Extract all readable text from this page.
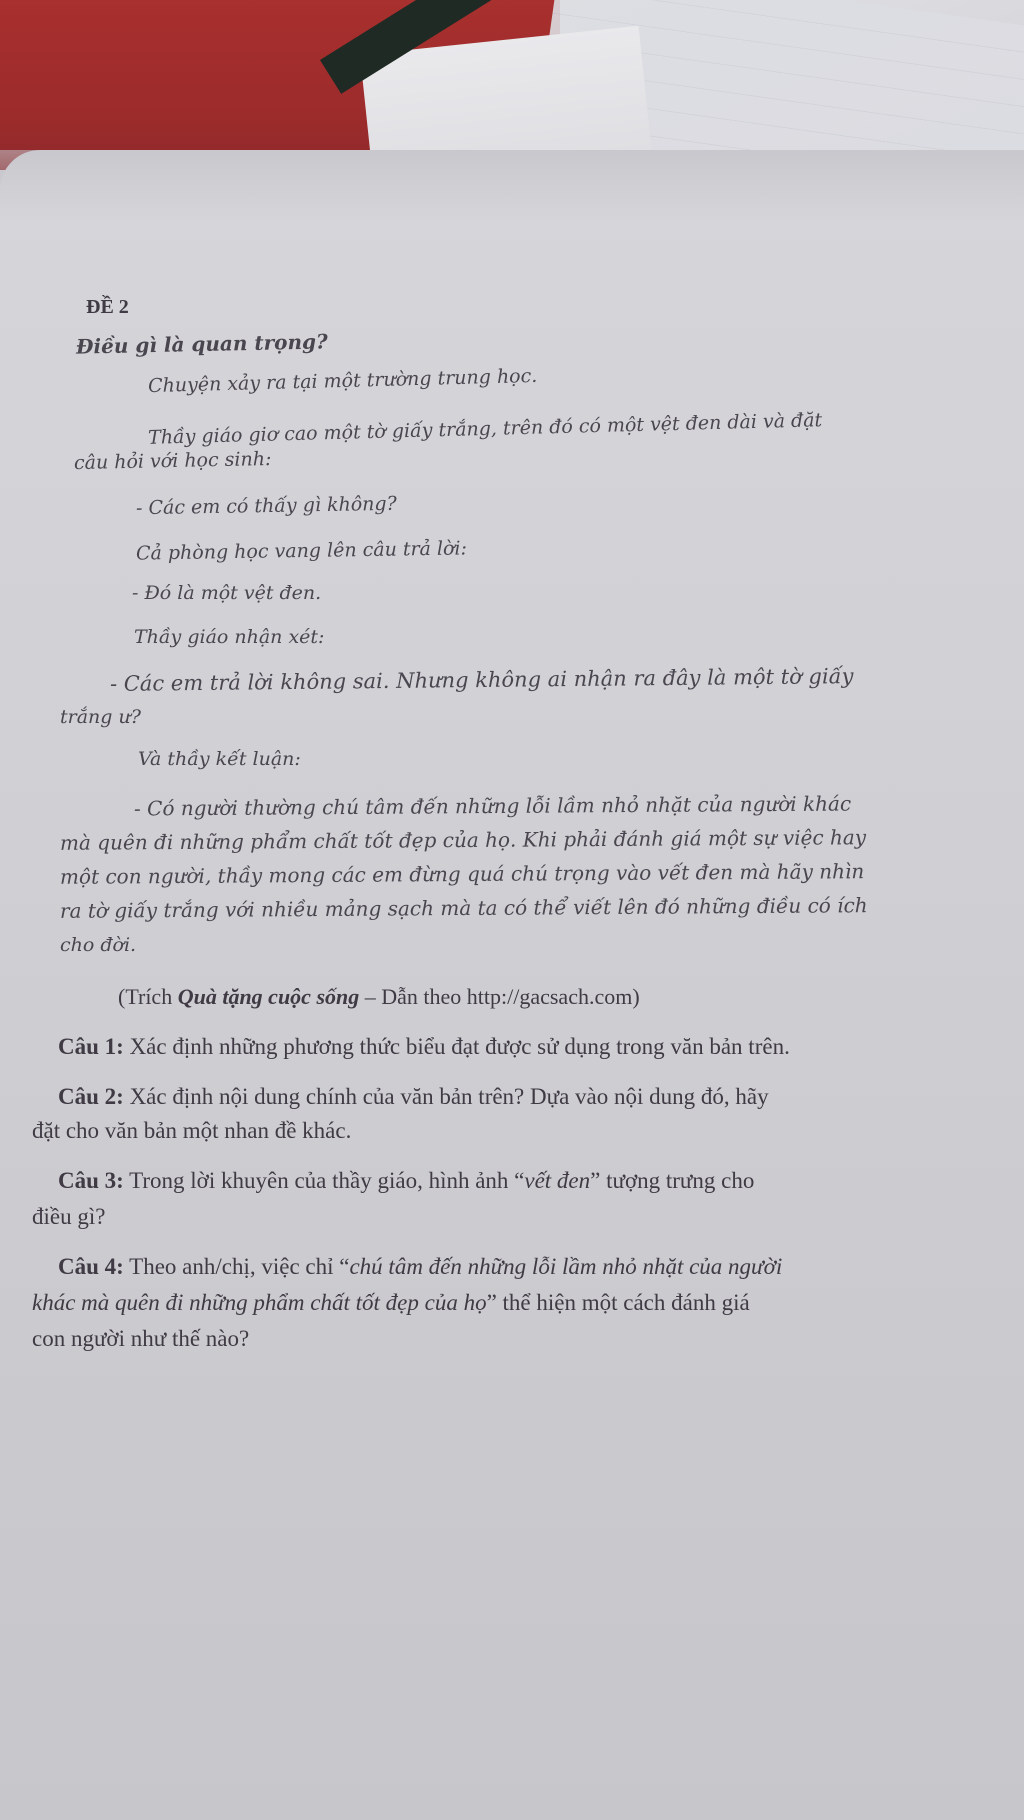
ĐỀ 2

Điều gì là quan trọng?

Chuyện xảy ra tại một trường trung học.

Thầy giáo giơ cao một tờ giấy trắng, trên đó có một vệt đen dài và đặt

câu hỏi với học sinh:

- Các em có thấy gì không?

Cả phòng học vang lên câu trả lời:

- Đó là một vệt đen.

Thầy giáo nhận xét:

- Các em trả lời không sai. Nhưng không ai nhận ra đây là một tờ giấy

trắng ư?

Và thầy kết luận:

- Có người thường chú tâm đến những lỗi lầm nhỏ nhặt của người khác

mà quên đi những phẩm chất tốt đẹp của họ. Khi phải đánh giá một sự việc hay

một con người, thầy mong các em đừng quá chú trọng vào vết đen mà hãy nhìn

ra tờ giấy trắng với nhiều mảng sạch mà ta có thể viết lên đó những điều có ích

cho đời.

(Trích Quà tặng cuộc sống – Dẫn theo http://gacsach.com)

Câu 1: Xác định những phương thức biểu đạt được sử dụng trong văn bản trên.

Câu 2: Xác định nội dung chính của văn bản trên? Dựa vào nội dung đó, hãy

đặt cho văn bản một nhan đề khác.

Câu 3: Trong lời khuyên của thầy giáo, hình ảnh “vết đen” tượng trưng cho

điều gì?

Câu 4: Theo anh/chị, việc chỉ “chú tâm đến những lỗi lầm nhỏ nhặt của người

khác mà quên đi những phẩm chất tốt đẹp của họ” thể hiện một cách đánh giá

con người như thế nào?
